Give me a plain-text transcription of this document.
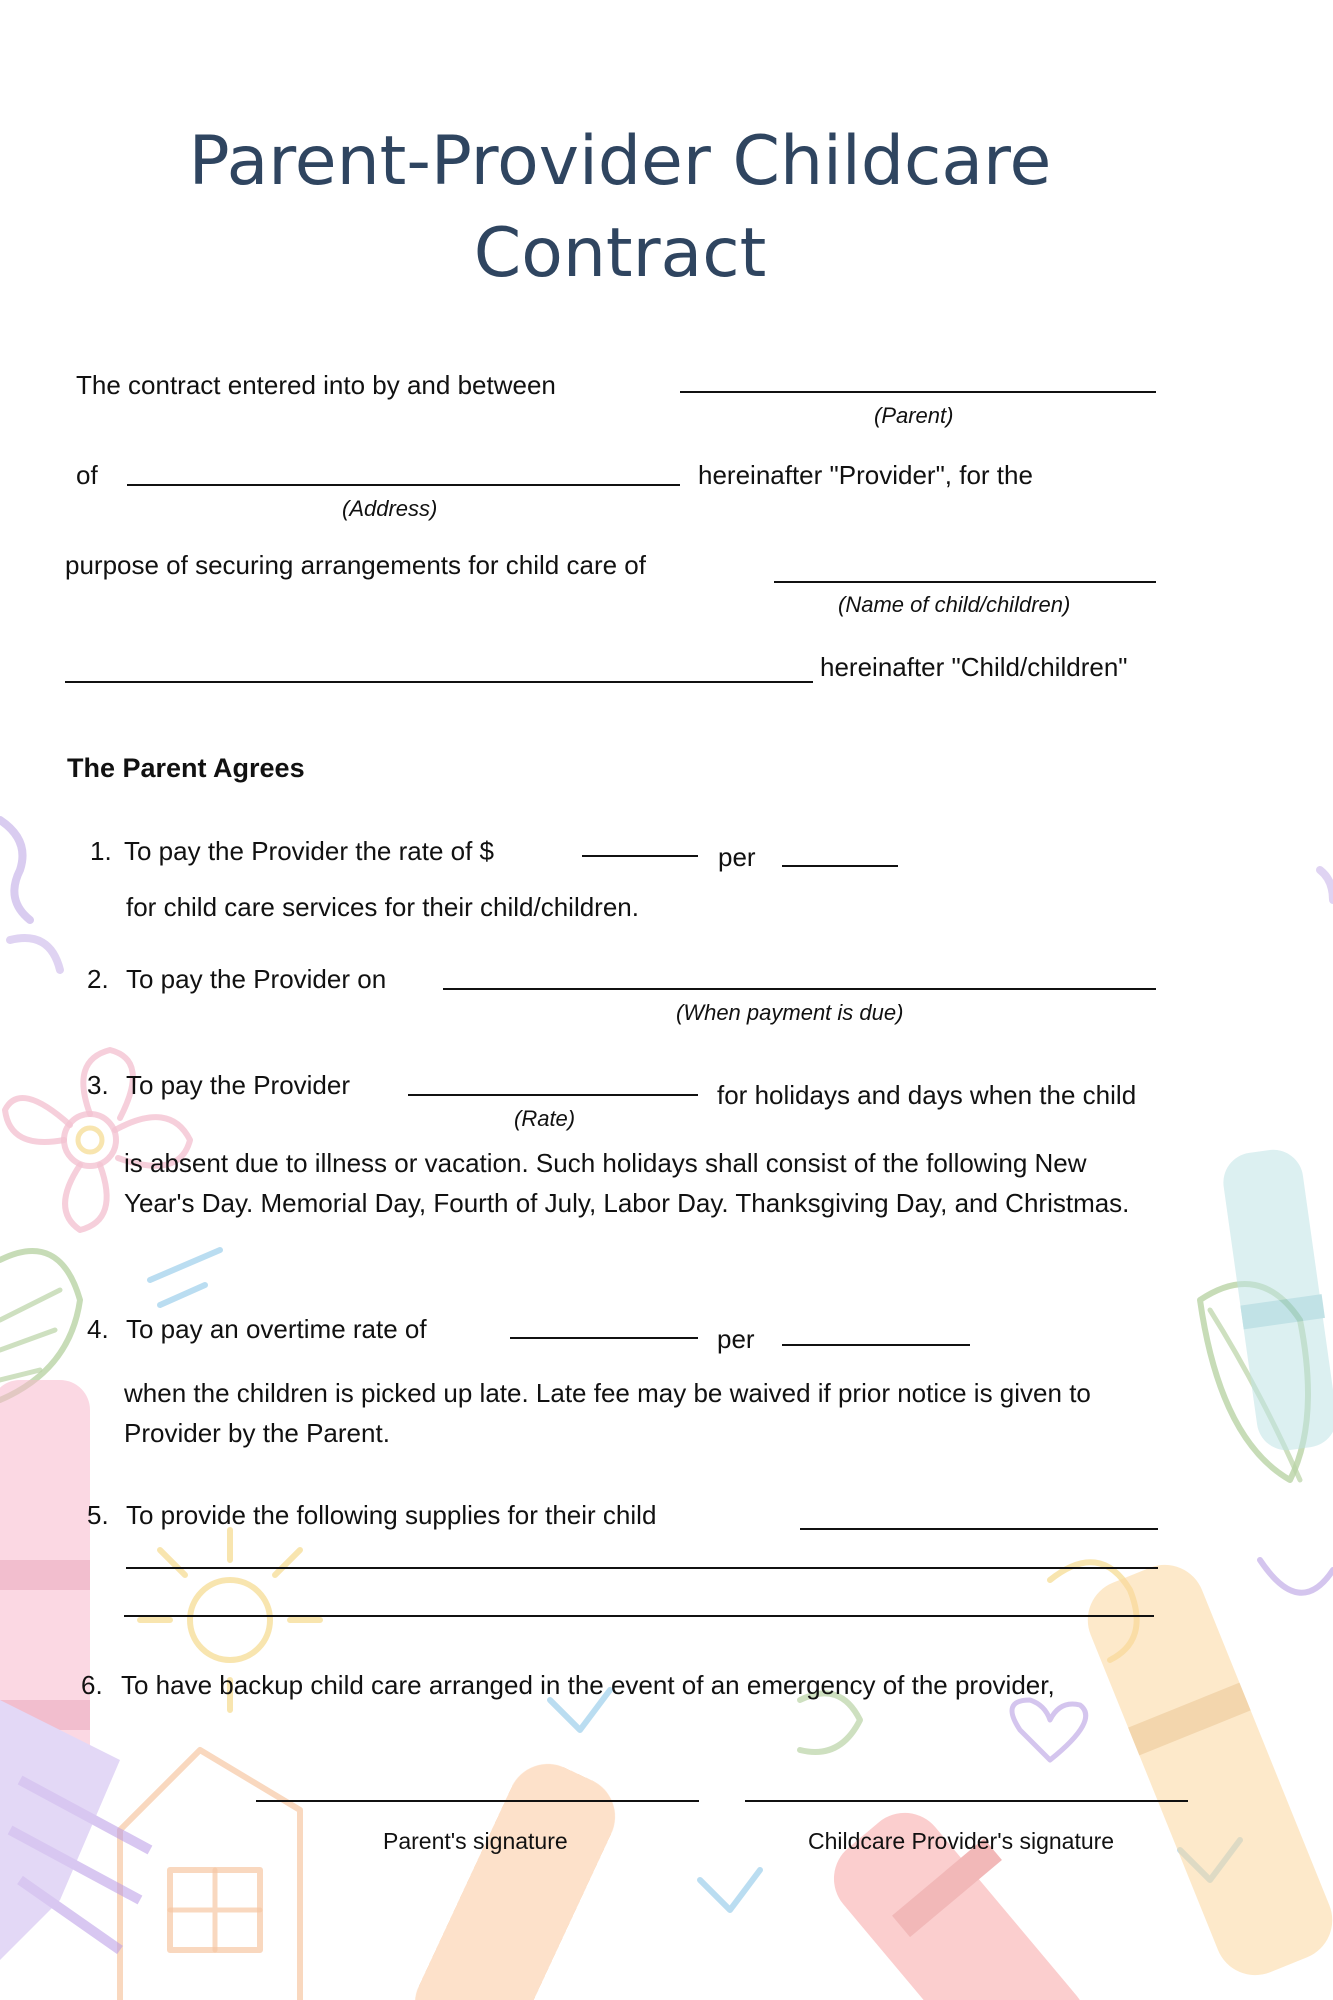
Parent-Provider Childcare
Contract
The contract entered into by and between
(Parent)
of	hereinafter "Provider", for the
(Address)
purpose of securing arrangements for child care of
(Name of child/children)
hereinafter "Child/children"
The Parent Agrees
1. To pay the Provider the rate of $	per
for child care services for their child/children.
2. To pay the Provider on
(When payment is due)
3. To pay the Provider	for holidays and days when the child
(Rate)
is absent due to illness or vacation. Such holidays shall consist of the following New
Year's Day. Memorial Day, Fourth of July, Labor Day. Thanksgiving Day, and Christmas.
4. To pay an overtime rate of	per
when the children is picked up late. Late fee may be waived if prior notice is given to
Provider by the Parent.
5. To provide the following supplies for their child
6. To have backup child care arranged in the event of an emergency of the provider,
Parent's signature	Childcare Provider's signature
